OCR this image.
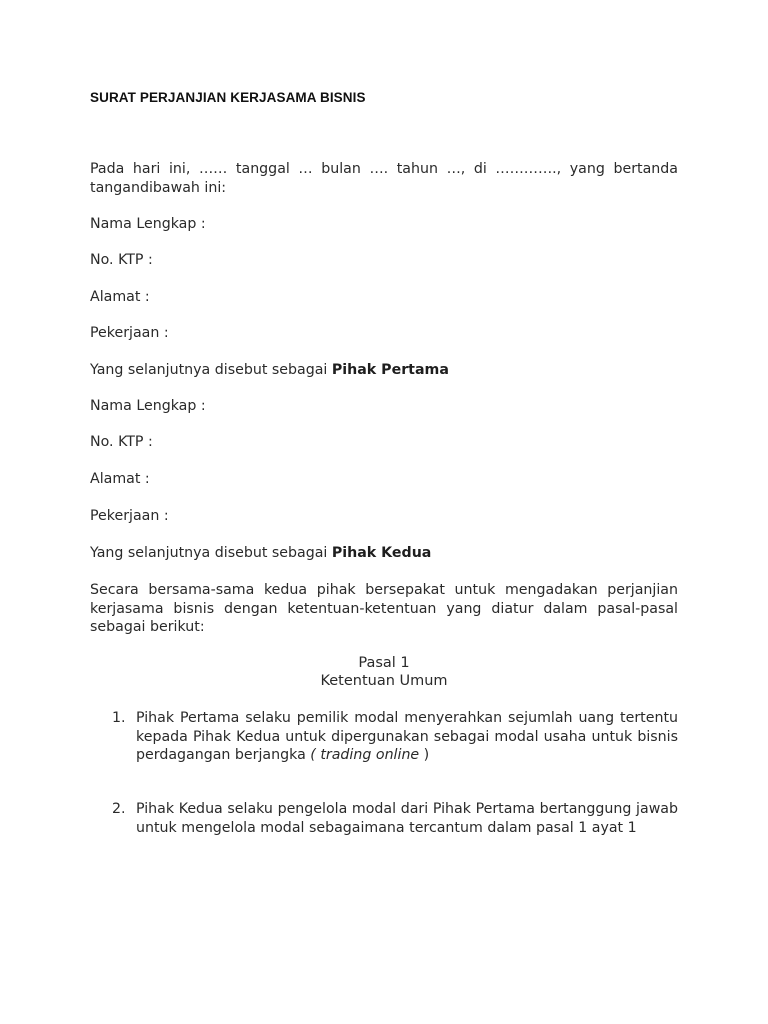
SURAT PERJANJIAN KERJASAMA BISNIS

Pada hari ini, …… tanggal … bulan …. tahun …, di …………., yang bertanda tangandibawah ini:

Nama Lengkap :
No. KTP :
Alamat :
Pekerjaan :
Yang selanjutnya disebut sebagai Pihak Pertama
Nama Lengkap :
No. KTP :
Alamat :
Pekerjaan :
Yang selanjutnya disebut sebagai Pihak Kedua

Secara bersama-sama kedua pihak bersepakat untuk mengadakan perjanjian kerjasama bisnis dengan ketentuan-ketentuan yang diatur dalam pasal-pasal sebagai berikut:

Pasal 1
Ketentuan Umum
1. Pihak Pertama selaku pemilik modal menyerahkan sejumlah uang tertentu kepada Pihak Kedua untuk dipergunakan sebagai modal usaha untuk bisnis perdagangan berjangka ( trading online )
2. Pihak Kedua selaku pengelola modal dari Pihak Pertama bertanggung jawab untuk mengelola modal sebagaimana tercantum dalam pasal 1 ayat 1
